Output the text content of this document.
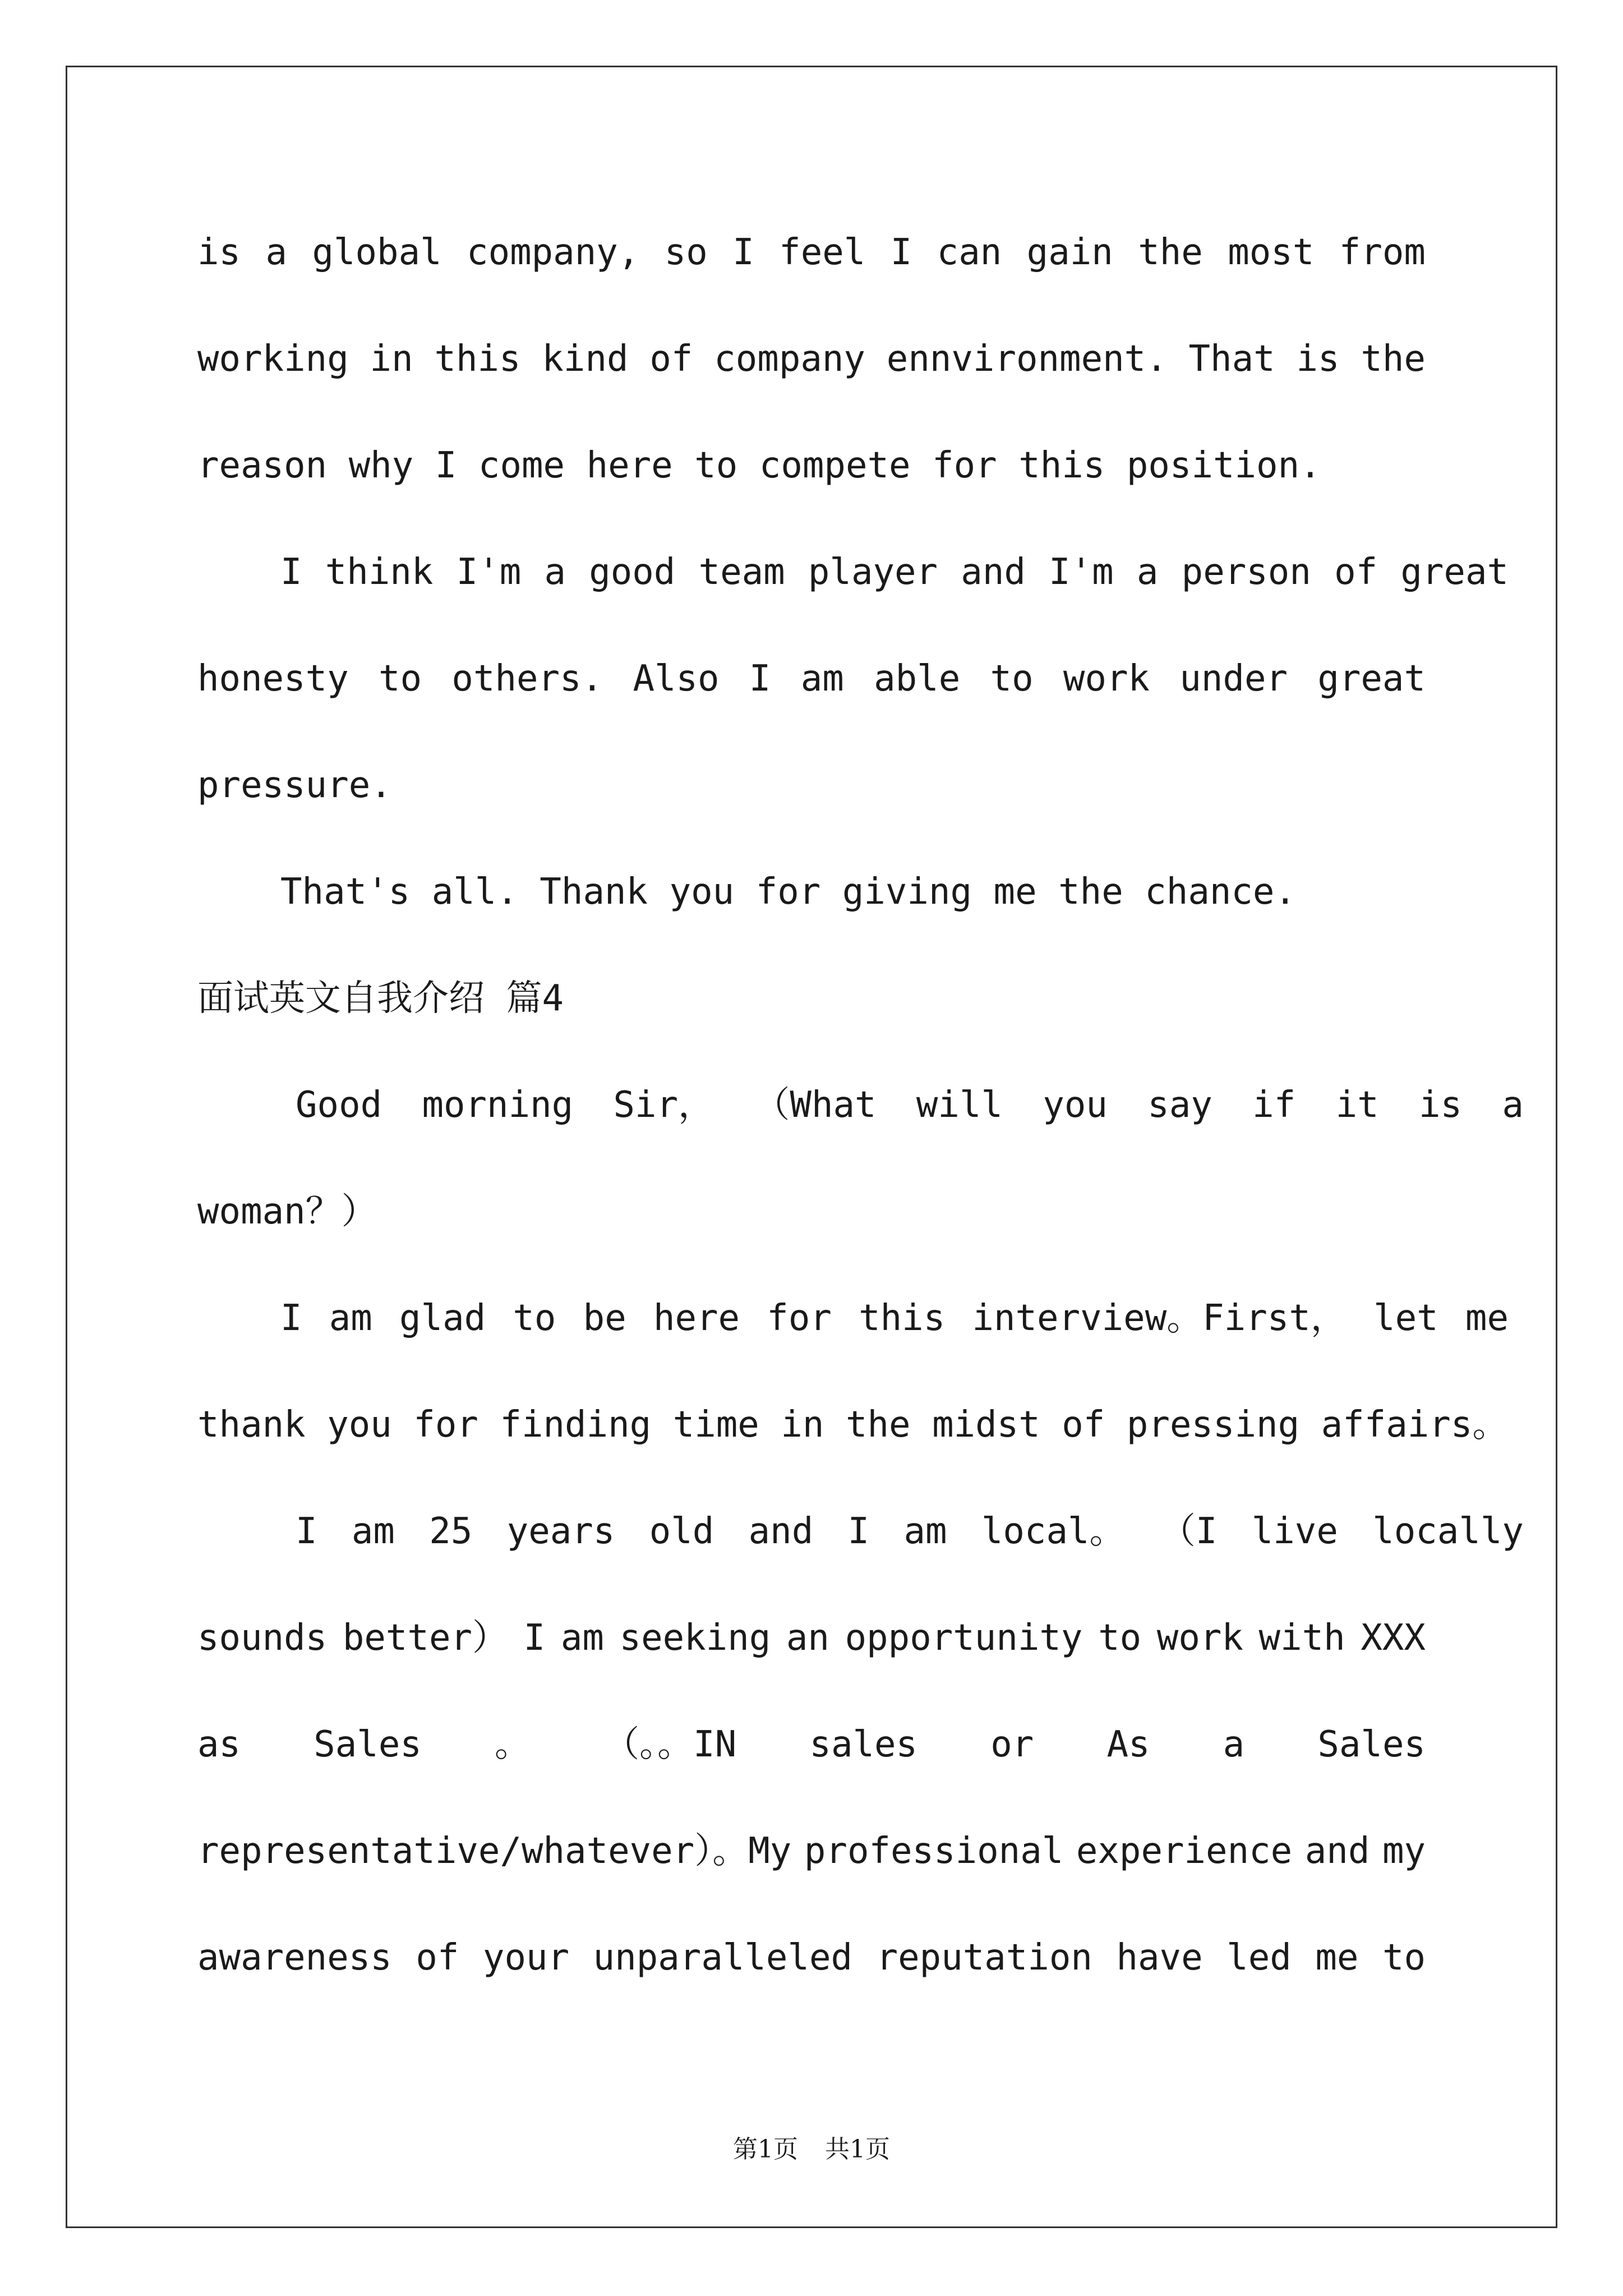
is a global company, so I feel I can gain the most from
working in this kind of company ennvironment. That is the
reason why I come here to compete for this position.
I think I'm a good team player and I'm a person of great
honesty to others. Also I am able to work under great
pressure.
That's all. Thank you for giving me the chance.
面试英文自我介绍 篇4
Good morning Sir， （What will you say if it is a
woman？）
I am glad to be here for this interview。First， let me
thank you for finding time in the midst of pressing affairs。
I am 25 years old and I am local。 （I live locally
sounds better） I am seeking an opportunity to work with XXX
as Sales 。 （。。IN sales or As a Sales
representative/whatever）。My professional experience and my
awareness of your unparalleled reputation have led me to
第1页 共1页
